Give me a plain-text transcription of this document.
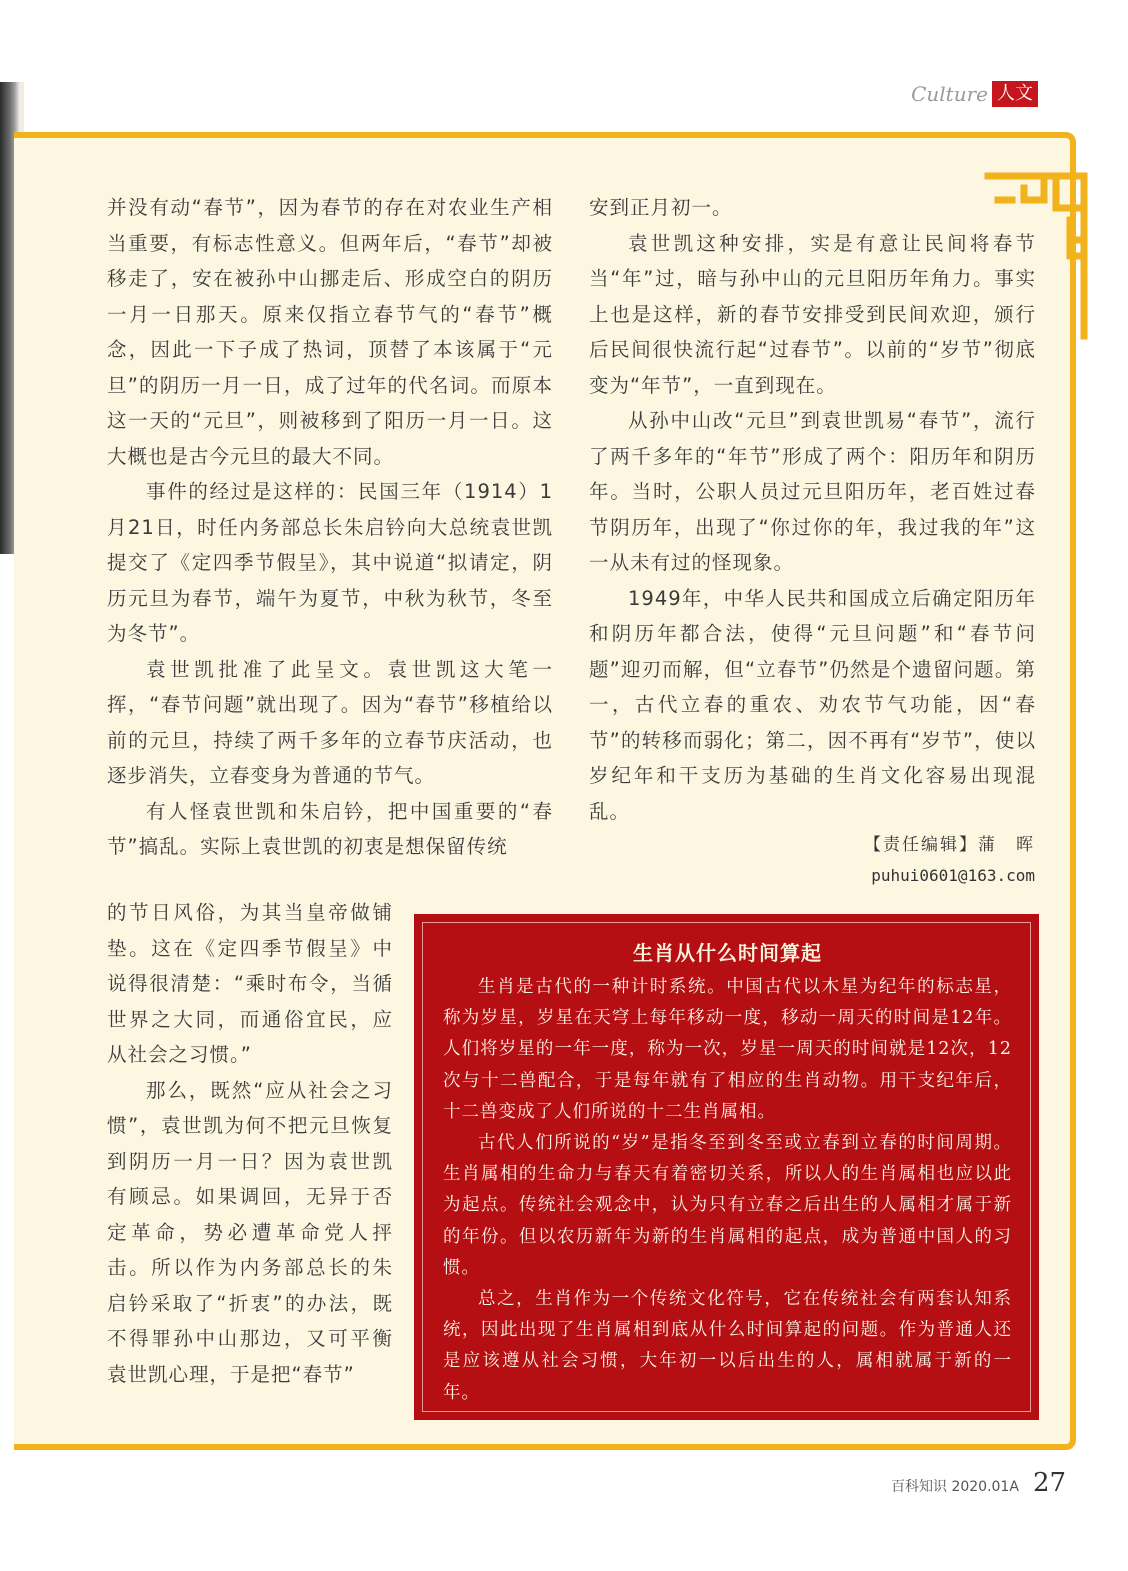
Culture 人文

并没有动“春节”，因为春节的存在对农业生产相当重要，有标志性意义。但两年后，“春节”却被移走了，安在被孙中山挪走后、形成空白的阴历一月一日那天。原来仅指立春节气的“春节”概念，因此一下子成了热词，顶替了本该属于“元旦”的阴历一月一日，成了过年的代名词。而原本这一天的“元旦”，则被移到了阳历一月一日。这大概也是古今元旦的最大不同。

事件的经过是这样的：民国三年（1914）1月21日，时任内务部总长朱启钤向大总统袁世凯提交了《定四季节假呈》，其中说道“拟请定，阴历元旦为春节，端午为夏节，中秋为秋节，冬至为冬节”。

袁世凯批准了此呈文。袁世凯这大笔一挥，“春节问题”就出现了。因为“春节”移植给以前的元旦，持续了两千多年的立春节庆活动，也逐步消失，立春变身为普通的节气。

有人怪袁世凯和朱启钤，把中国重要的“春节”搞乱。实际上袁世凯的初衷是想保留传统

的节日风俗，为其当皇帝做铺垫。这在《定四季节假呈》中说得很清楚：“乘时布令，当循世界之大同，而通俗宜民，应从社会之习惯。”

那么，既然“应从社会之习惯”，袁世凯为何不把元旦恢复到阴历一月一日？因为袁世凯有顾忌。如果调回，无异于否定革命，势必遭革命党人抨击。所以作为内务部总长的朱启钤采取了“折衷”的办法，既不得罪孙中山那边，又可平衡袁世凯心理，于是把“春节”

安到正月初一。

袁世凯这种安排，实是有意让民间将春节当“年”过，暗与孙中山的元旦阳历年角力。事实上也是这样，新的春节安排受到民间欢迎，颁行后民间很快流行起“过春节”。以前的“岁节”彻底变为“年节”，一直到现在。

从孙中山改“元旦”到袁世凯易“春节”，流行了两千多年的“年节”形成了两个：阳历年和阴历年。当时，公职人员过元旦阳历年，老百姓过春节阴历年，出现了“你过你的年，我过我的年”这一从未有过的怪现象。

1949年，中华人民共和国成立后确定阳历年和阴历年都合法，使得“元旦问题”和“春节问题”迎刃而解，但“立春节”仍然是个遗留问题。第一，古代立春的重农、劝农节气功能，因“春节”的转移而弱化；第二，因不再有“岁节”，使以岁纪年和干支历为基础的生肖文化容易出现混乱。

【责任编辑】蒲　晖
puhui0601@163.com
生肖从什么时间算起

生肖是古代的一种计时系统。中国古代以木星为纪年的标志星，称为岁星，岁星在天穹上每年移动一度，移动一周天的时间是12年。人们将岁星的一年一度，称为一次，岁星一周天的时间就是12次，12次与十二兽配合，于是每年就有了相应的生肖动物。用干支纪年后，十二兽变成了人们所说的十二生肖属相。

古代人们所说的“岁”是指冬至到冬至或立春到立春的时间周期。生肖属相的生命力与春天有着密切关系，所以人的生肖属相也应以此为起点。传统社会观念中，认为只有立春之后出生的人属相才属于新的年份。但以农历新年为新的生肖属相的起点，成为普通中国人的习惯。

总之，生肖作为一个传统文化符号，它在传统社会有两套认知系统，因此出现了生肖属相到底从什么时间算起的问题。作为普通人还是应该遵从社会习惯，大年初一以后出生的人，属相就属于新的一年。

百科知识 2020.01A 27
